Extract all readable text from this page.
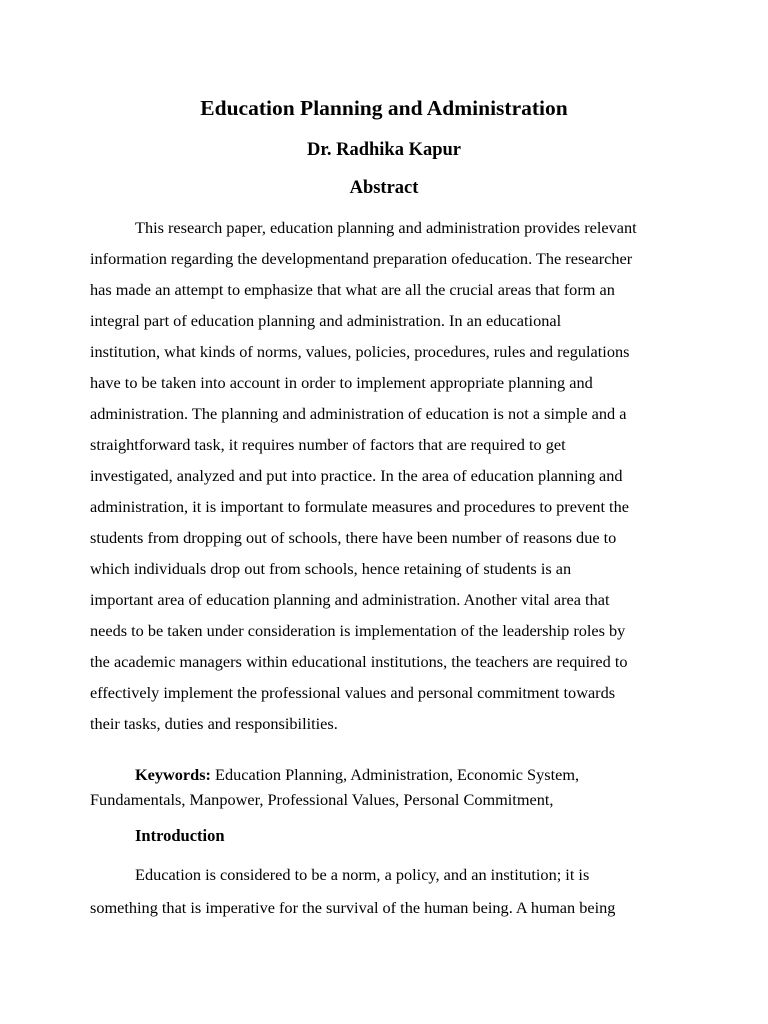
Education Planning and Administration
Dr. Radhika Kapur
Abstract
This research paper, education planning and administration provides relevant
information regarding the developmentand preparation ofeducation. The researcher
has made an attempt to emphasize that what are all the crucial areas that form an
integral part of education planning and administration. In an educational
institution, what kinds of norms, values, policies, procedures, rules and regulations
have to be taken into account in order to implement appropriate planning and
administration. The planning and administration of education is not a simple and a
straightforward task, it requires number of factors that are required to get
investigated, analyzed and put into practice. In the area of education planning and
administration, it is important to formulate measures and procedures to prevent the
students from dropping out of schools, there have been number of reasons due to
which individuals drop out from schools, hence retaining of students is an
important area of education planning and administration. Another vital area that
needs to be taken under consideration is implementation of the leadership roles by
the academic managers within educational institutions, the teachers are required to
effectively implement the professional values and personal commitment towards
their tasks, duties and responsibilities.
Keywords: Education Planning, Administration, Economic System,
Fundamentals, Manpower, Professional Values, Personal Commitment,
Introduction
Education is considered to be a norm, a policy, and an institution; it is
something that is imperative for the survival of the human being. A human being
